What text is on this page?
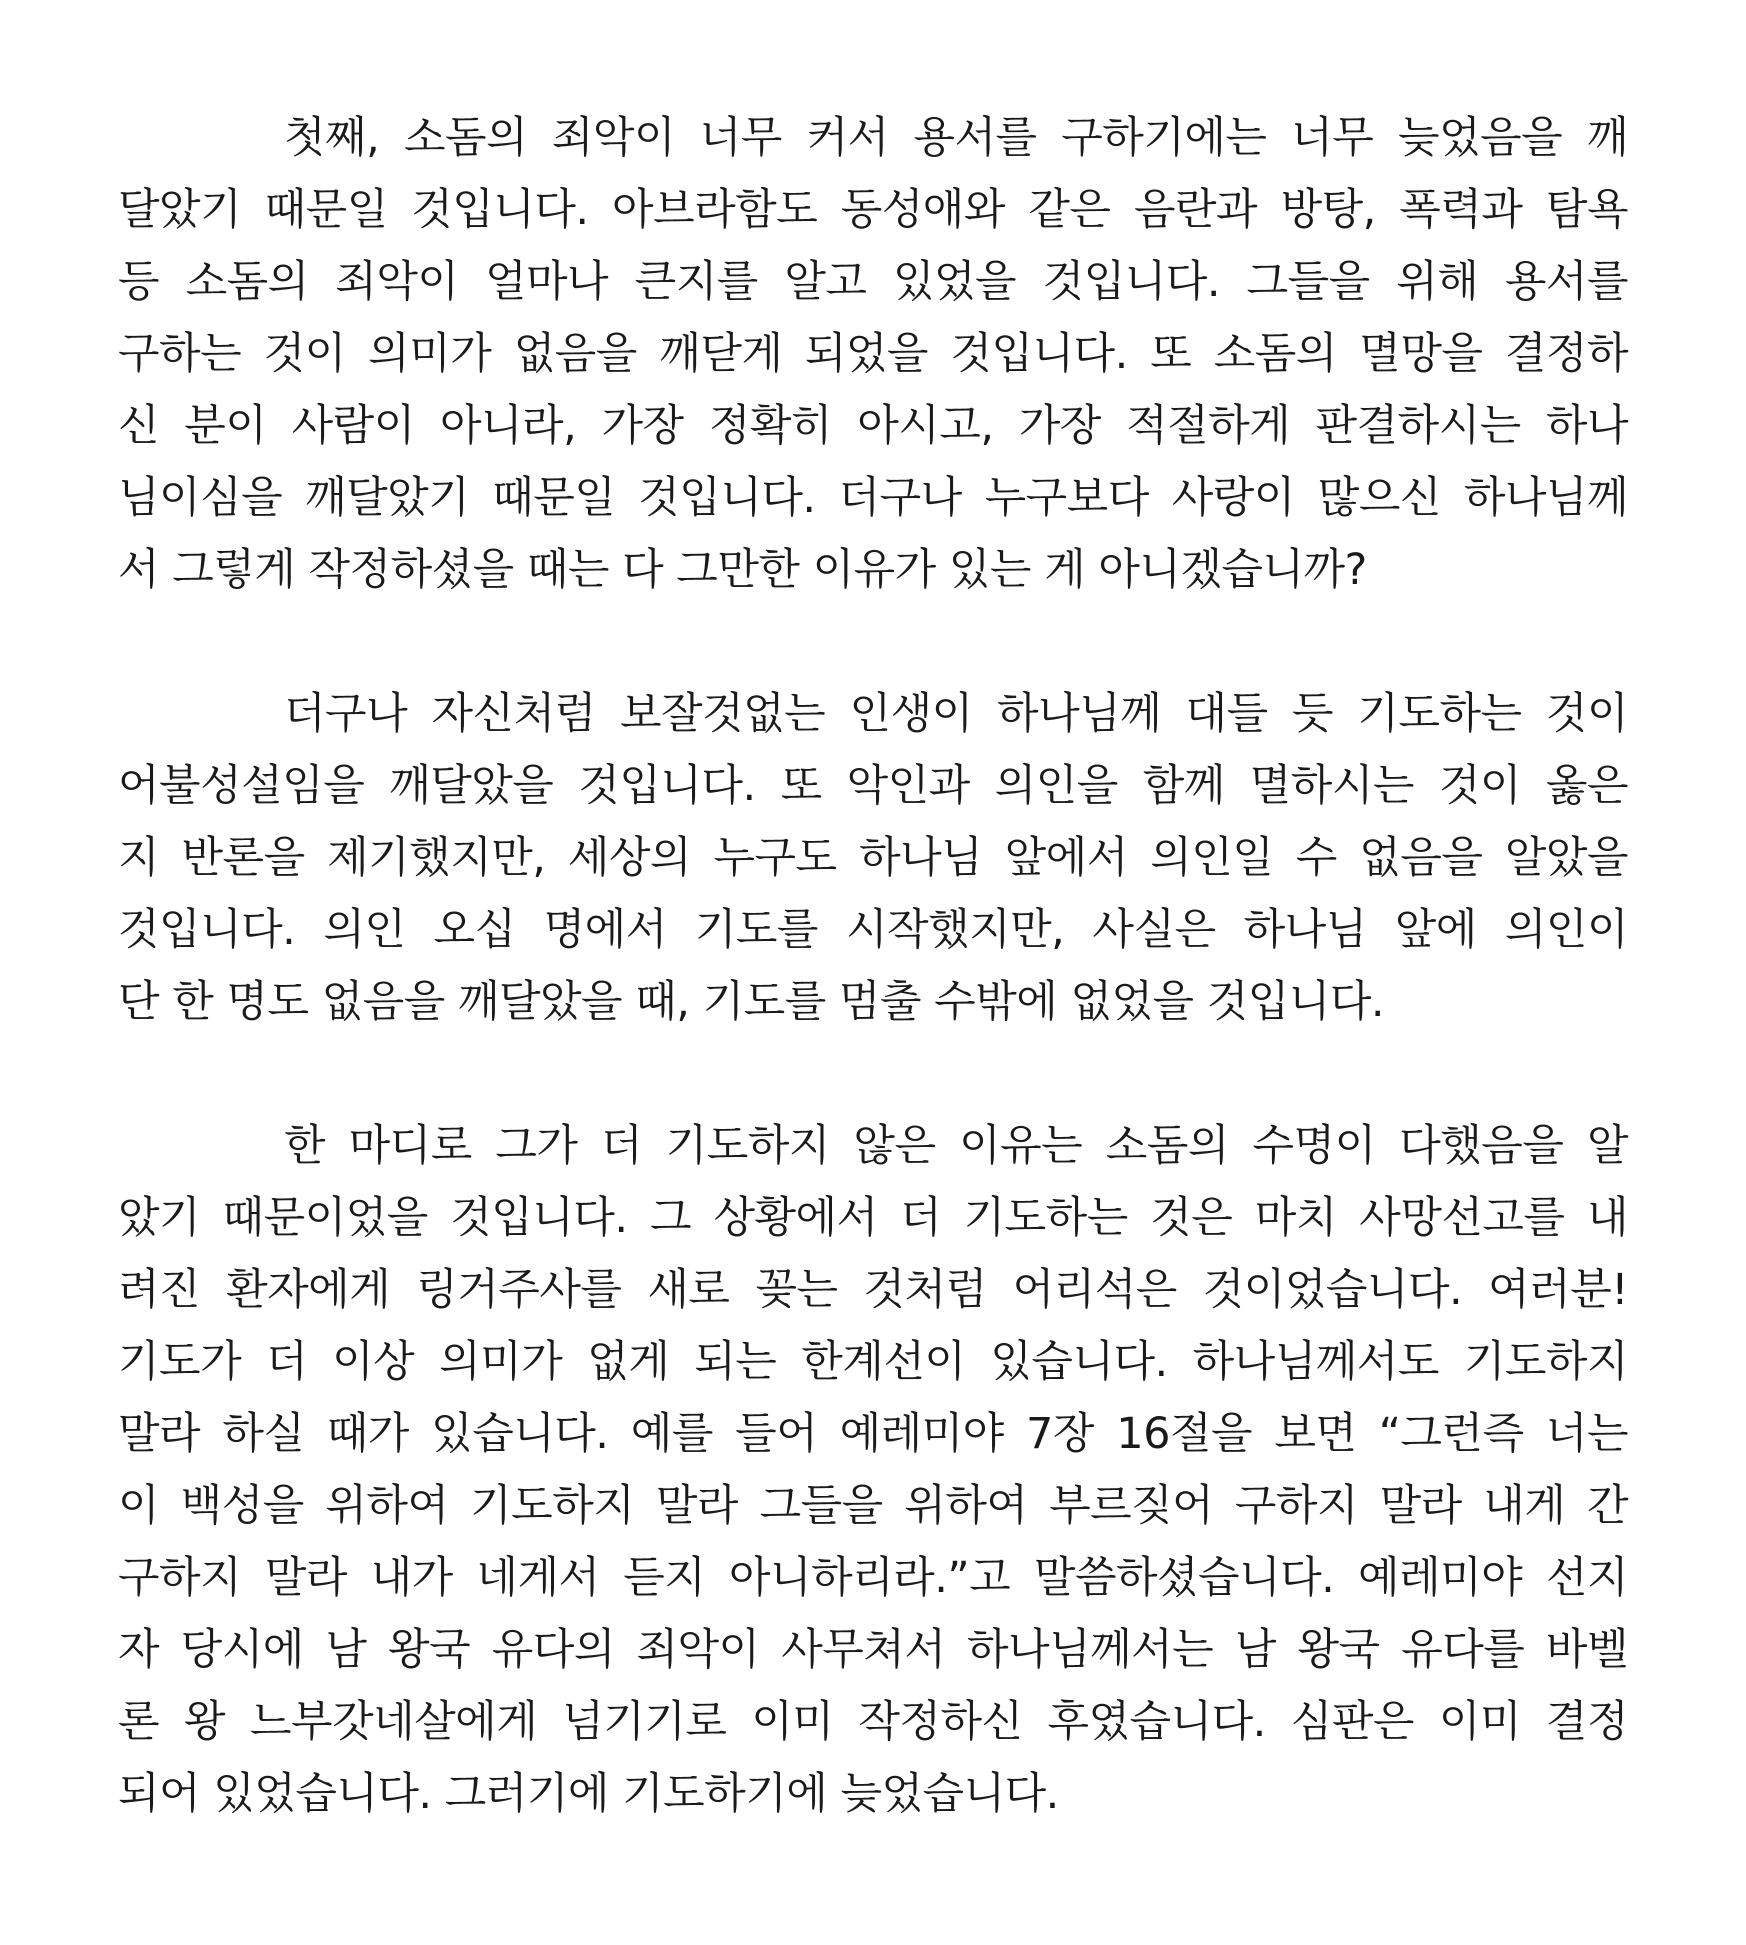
첫째, 소돔의 죄악이 너무 커서 용서를 구하기에는 너무 늦었음을 깨
달았기 때문일 것입니다. 아브라함도 동성애와 같은 음란과 방탕, 폭력과 탐욕
등 소돔의 죄악이 얼마나 큰지를 알고 있었을 것입니다. 그들을 위해 용서를
구하는 것이 의미가 없음을 깨닫게 되었을 것입니다. 또 소돔의 멸망을 결정하
신 분이 사람이 아니라, 가장 정확히 아시고, 가장 적절하게 판결하시는 하나
님이심을 깨달았기 때문일 것입니다. 더구나 누구보다 사랑이 많으신 하나님께
서 그렇게 작정하셨을 때는 다 그만한 이유가 있는 게 아니겠습니까?
더구나 자신처럼 보잘것없는 인생이 하나님께 대들 듯 기도하는 것이
어불성설임을 깨달았을 것입니다. 또 악인과 의인을 함께 멸하시는 것이 옳은
지 반론을 제기했지만, 세상의 누구도 하나님 앞에서 의인일 수 없음을 알았을
것입니다. 의인 오십 명에서 기도를 시작했지만, 사실은 하나님 앞에 의인이
단 한 명도 없음을 깨달았을 때, 기도를 멈출 수밖에 없었을 것입니다.
한 마디로 그가 더 기도하지 않은 이유는 소돔의 수명이 다했음을 알
았기 때문이었을 것입니다. 그 상황에서 더 기도하는 것은 마치 사망선고를 내
려진 환자에게 링거주사를 새로 꽂는 것처럼 어리석은 것이었습니다. 여러분!
기도가 더 이상 의미가 없게 되는 한계선이 있습니다. 하나님께서도 기도하지
말라 하실 때가 있습니다. 예를 들어 예레미야 7장 16절을 보면 “그런즉 너는
이 백성을 위하여 기도하지 말라 그들을 위하여 부르짖어 구하지 말라 내게 간
구하지 말라 내가 네게서 듣지 아니하리라.”고 말씀하셨습니다. 예레미야 선지
자 당시에 남 왕국 유다의 죄악이 사무쳐서 하나님께서는 남 왕국 유다를 바벨
론 왕 느부갓네살에게 넘기기로 이미 작정하신 후였습니다. 심판은 이미 결정
되어 있었습니다. 그러기에 기도하기에 늦었습니다.
